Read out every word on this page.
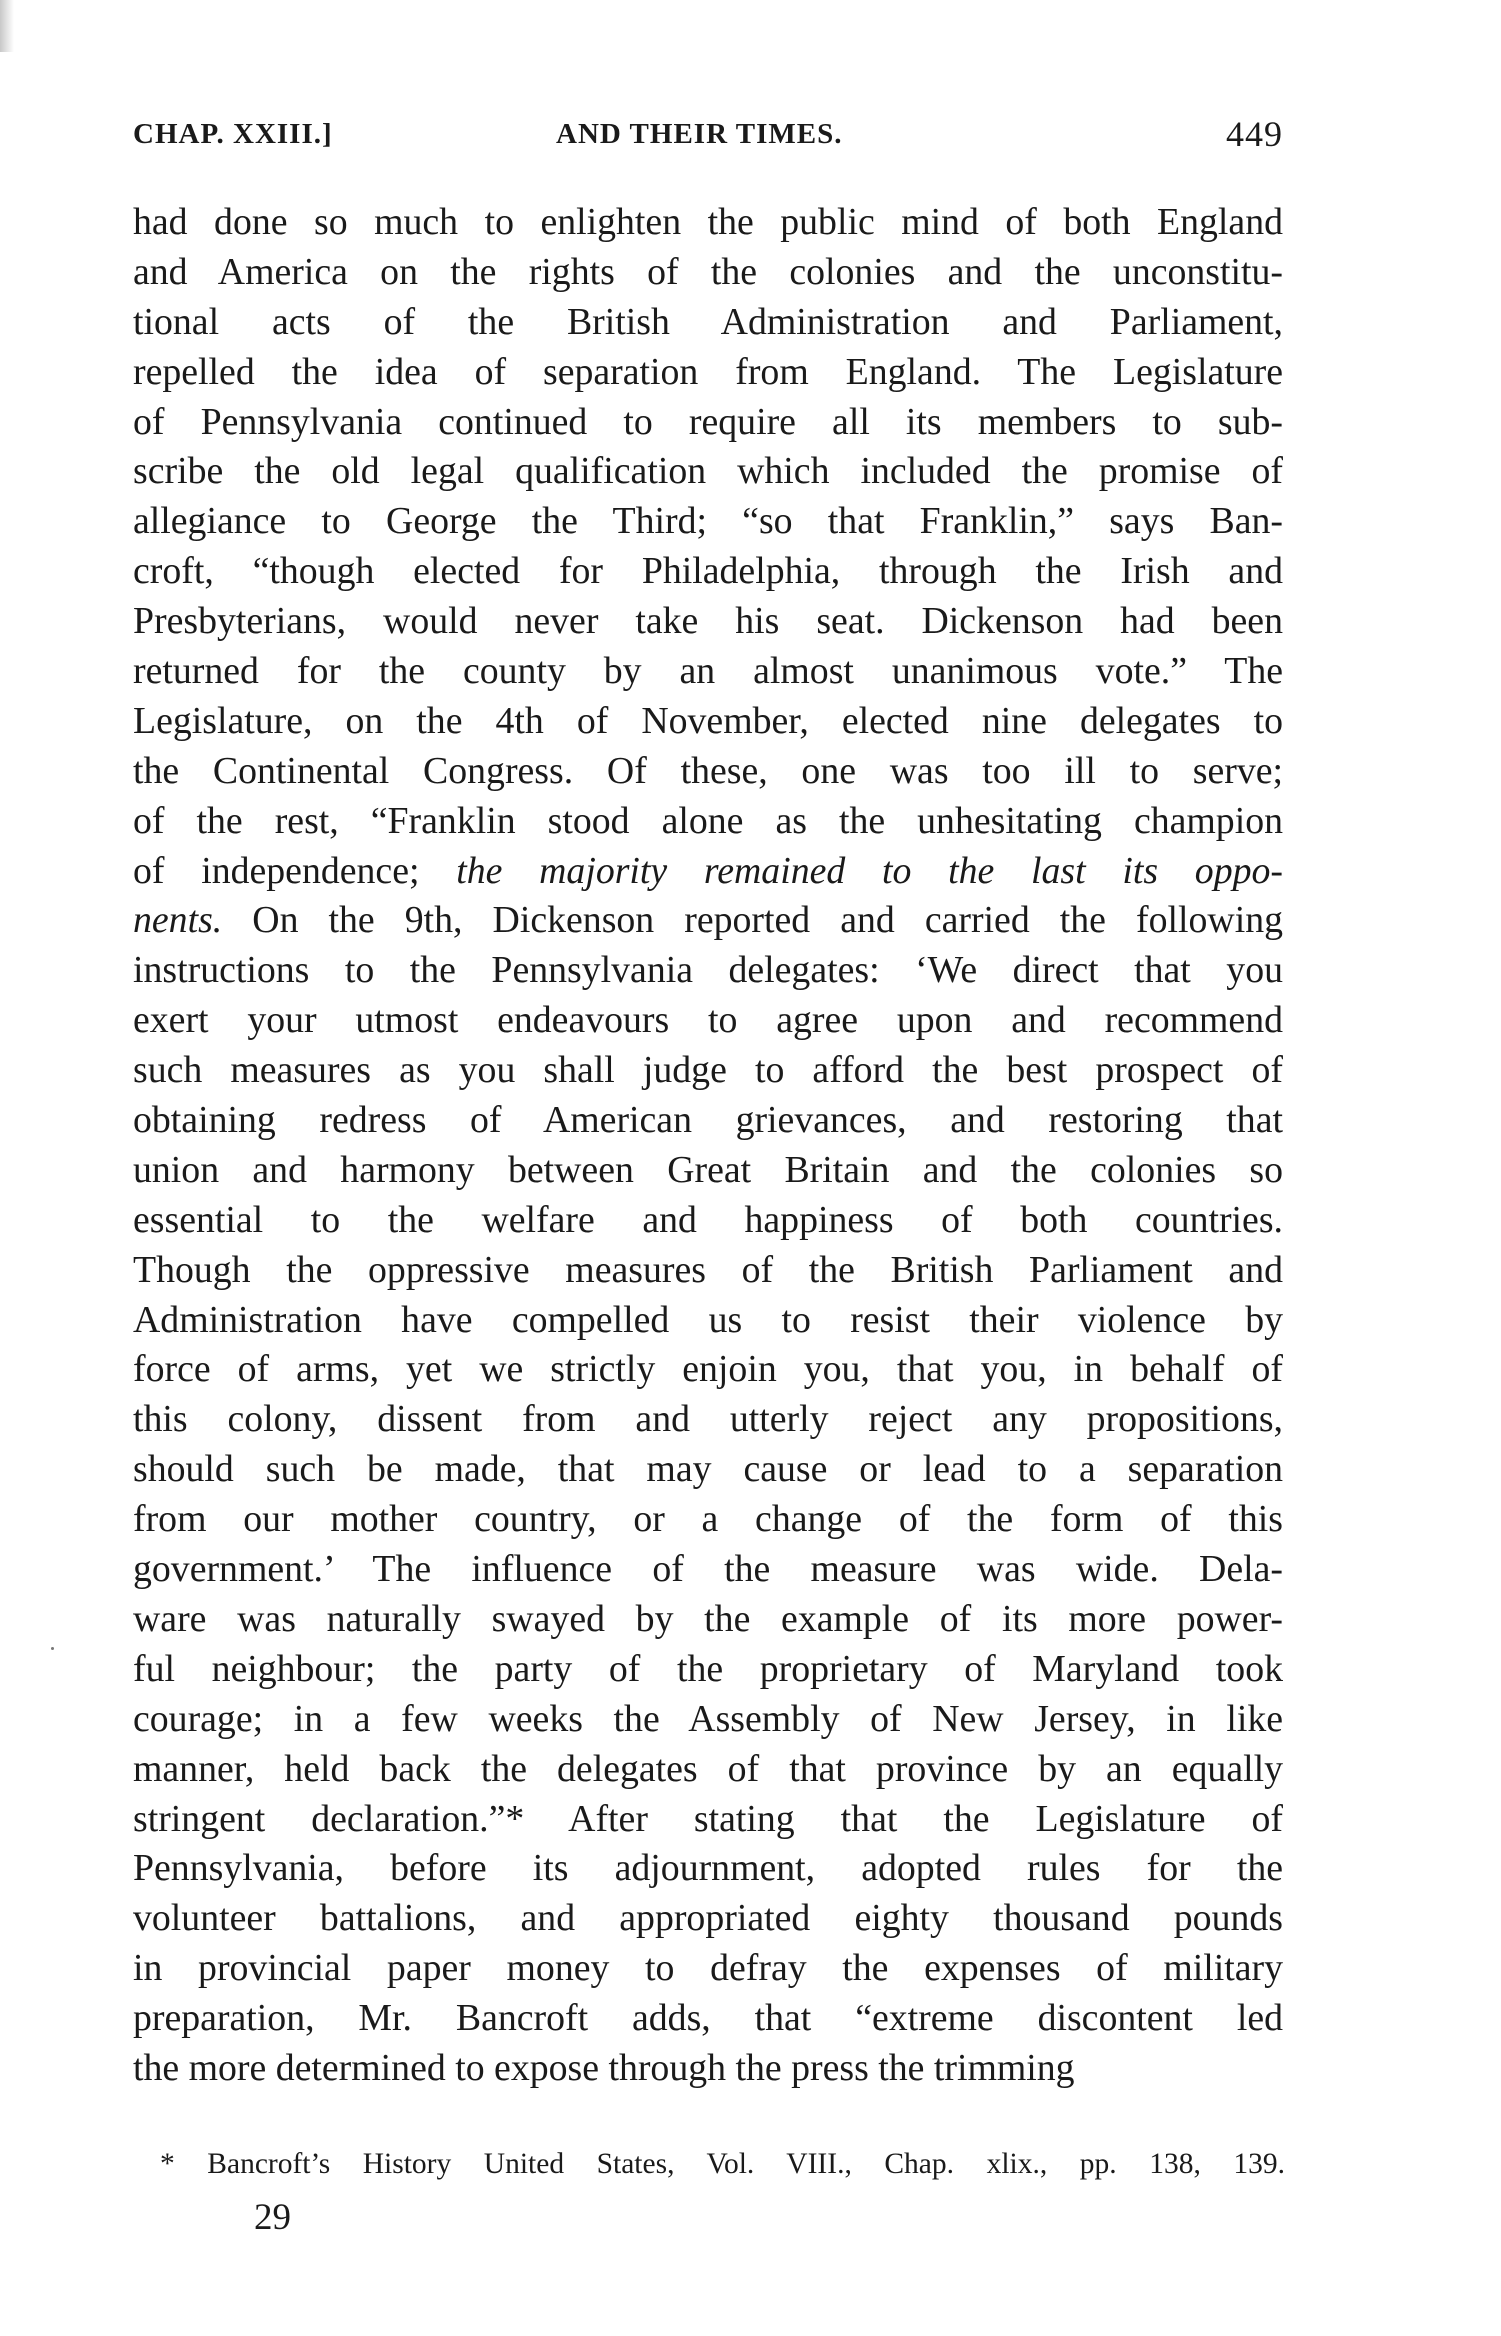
CHAP. XXIII.]	AND THEIR TIMES.	449
had done so much to enlighten the public mind of both England
and America on the rights of the colonies and the unconstitu-
tional acts of the British Administration and Parliament,
repelled the idea of separation from England. The Legislature
of Pennsylvania continued to require all its members to sub-
scribe the old legal qualification which included the promise of
allegiance to George the Third; “so that Franklin,” says Ban-
croft, “though elected for Philadelphia, through the Irish and
Presbyterians, would never take his seat. Dickenson had been
returned for the county by an almost unanimous vote.” The
Legislature, on the 4th of November, elected nine delegates to
the Continental Congress. Of these, one was too ill to serve;
of the rest, “Franklin stood alone as the unhesitating champion
of independence; the majority remained to the last its oppo-
nents. On the 9th, Dickenson reported and carried the following
instructions to the Pennsylvania delegates: ‘We direct that you
exert your utmost endeavours to agree upon and recommend
such measures as you shall judge to afford the best prospect of
obtaining redress of American grievances, and restoring that
union and harmony between Great Britain and the colonies so
essential to the welfare and happiness of both countries.
Though the oppressive measures of the British Parliament and
Administration have compelled us to resist their violence by
force of arms, yet we strictly enjoin you, that you, in behalf of
this colony, dissent from and utterly reject any propositions,
should such be made, that may cause or lead to a separation
from our mother country, or a change of the form of this
government.’ The influence of the measure was wide. Dela-
ware was naturally swayed by the example of its more power-
ful neighbour; the party of the proprietary of Maryland took
courage; in a few weeks the Assembly of New Jersey, in like
manner, held back the delegates of that province by an equally
stringent declaration.”* After stating that the Legislature of
Pennsylvania, before its adjournment, adopted rules for the
volunteer battalions, and appropriated eighty thousand pounds
in provincial paper money to defray the expenses of military
preparation, Mr. Bancroft adds, that “extreme discontent led
the more determined to expose through the press the trimming
* Bancroft’s History United States, Vol. VIII., Chap. xlix., pp. 138, 139.
29
